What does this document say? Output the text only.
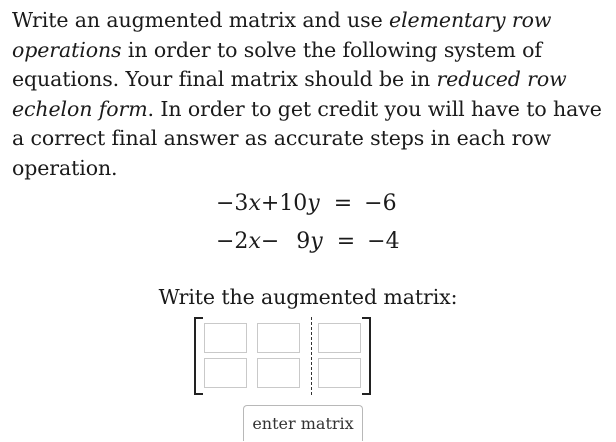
Write an augmented matrix and use elementary row operations in order to solve the following system of equations. Your final matrix should be in reduced row echelon form. In order to get credit you will have to have a correct final answer as accurate steps in each row operation.
−3x+10y = −6
−2x− 9y = −4
Write the augmented matrix:
enter matrix
